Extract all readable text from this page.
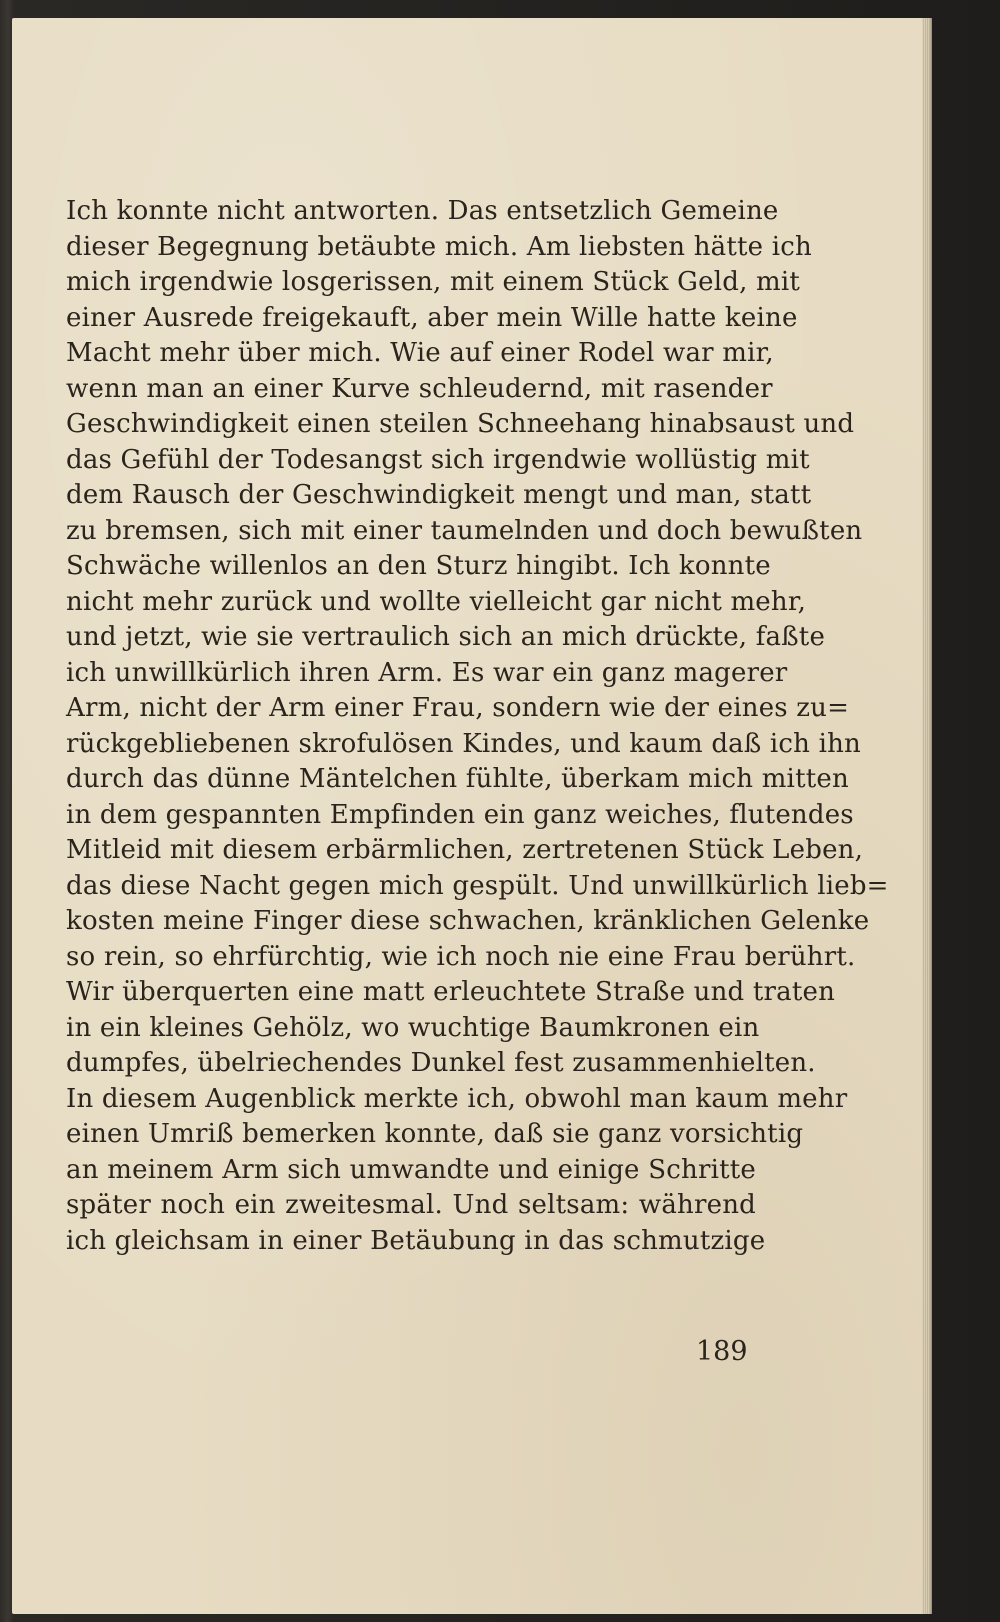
Ich konnte nicht antworten. Das entsetzlich Gemeine
dieser Begegnung betäubte mich. Am liebsten hätte ich
mich irgendwie losgerissen, mit einem Stück Geld, mit
einer Ausrede freigekauft, aber mein Wille hatte keine
Macht mehr über mich. Wie auf einer Rodel war mir,
wenn man an einer Kurve schleudernd, mit rasender
Geschwindigkeit einen steilen Schneehang hinabsaust und
das Gefühl der Todesangst sich irgendwie wollüstig mit
dem Rausch der Geschwindigkeit mengt und man, statt
zu bremsen, sich mit einer taumelnden und doch bewußten
Schwäche willenlos an den Sturz hingibt. Ich konnte
nicht mehr zurück und wollte vielleicht gar nicht mehr,
und jetzt, wie sie vertraulich sich an mich drückte, faßte
ich unwillkürlich ihren Arm. Es war ein ganz magerer
Arm, nicht der Arm einer Frau, sondern wie der eines zu=
rückgebliebenen skrofulösen Kindes, und kaum daß ich ihn
durch das dünne Mäntelchen fühlte, überkam mich mitten
in dem gespannten Empfinden ein ganz weiches, flutendes
Mitleid mit diesem erbärmlichen, zertretenen Stück Leben,
das diese Nacht gegen mich gespült. Und unwillkürlich lieb=
kosten meine Finger diese schwachen, kränklichen Gelenke
so rein, so ehrfürchtig, wie ich noch nie eine Frau berührt.
Wir überquerten eine matt erleuchtete Straße und traten
in ein kleines Gehölz, wo wuchtige Baumkronen ein
dumpfes, übelriechendes Dunkel fest zusammenhielten.
In diesem Augenblick merkte ich, obwohl man kaum mehr
einen Umriß bemerken konnte, daß sie ganz vorsichtig
an meinem Arm sich umwandte und einige Schritte
später noch ein zweitesmal. Und seltsam: während
ich gleichsam in einer Betäubung in das schmutzige
189
